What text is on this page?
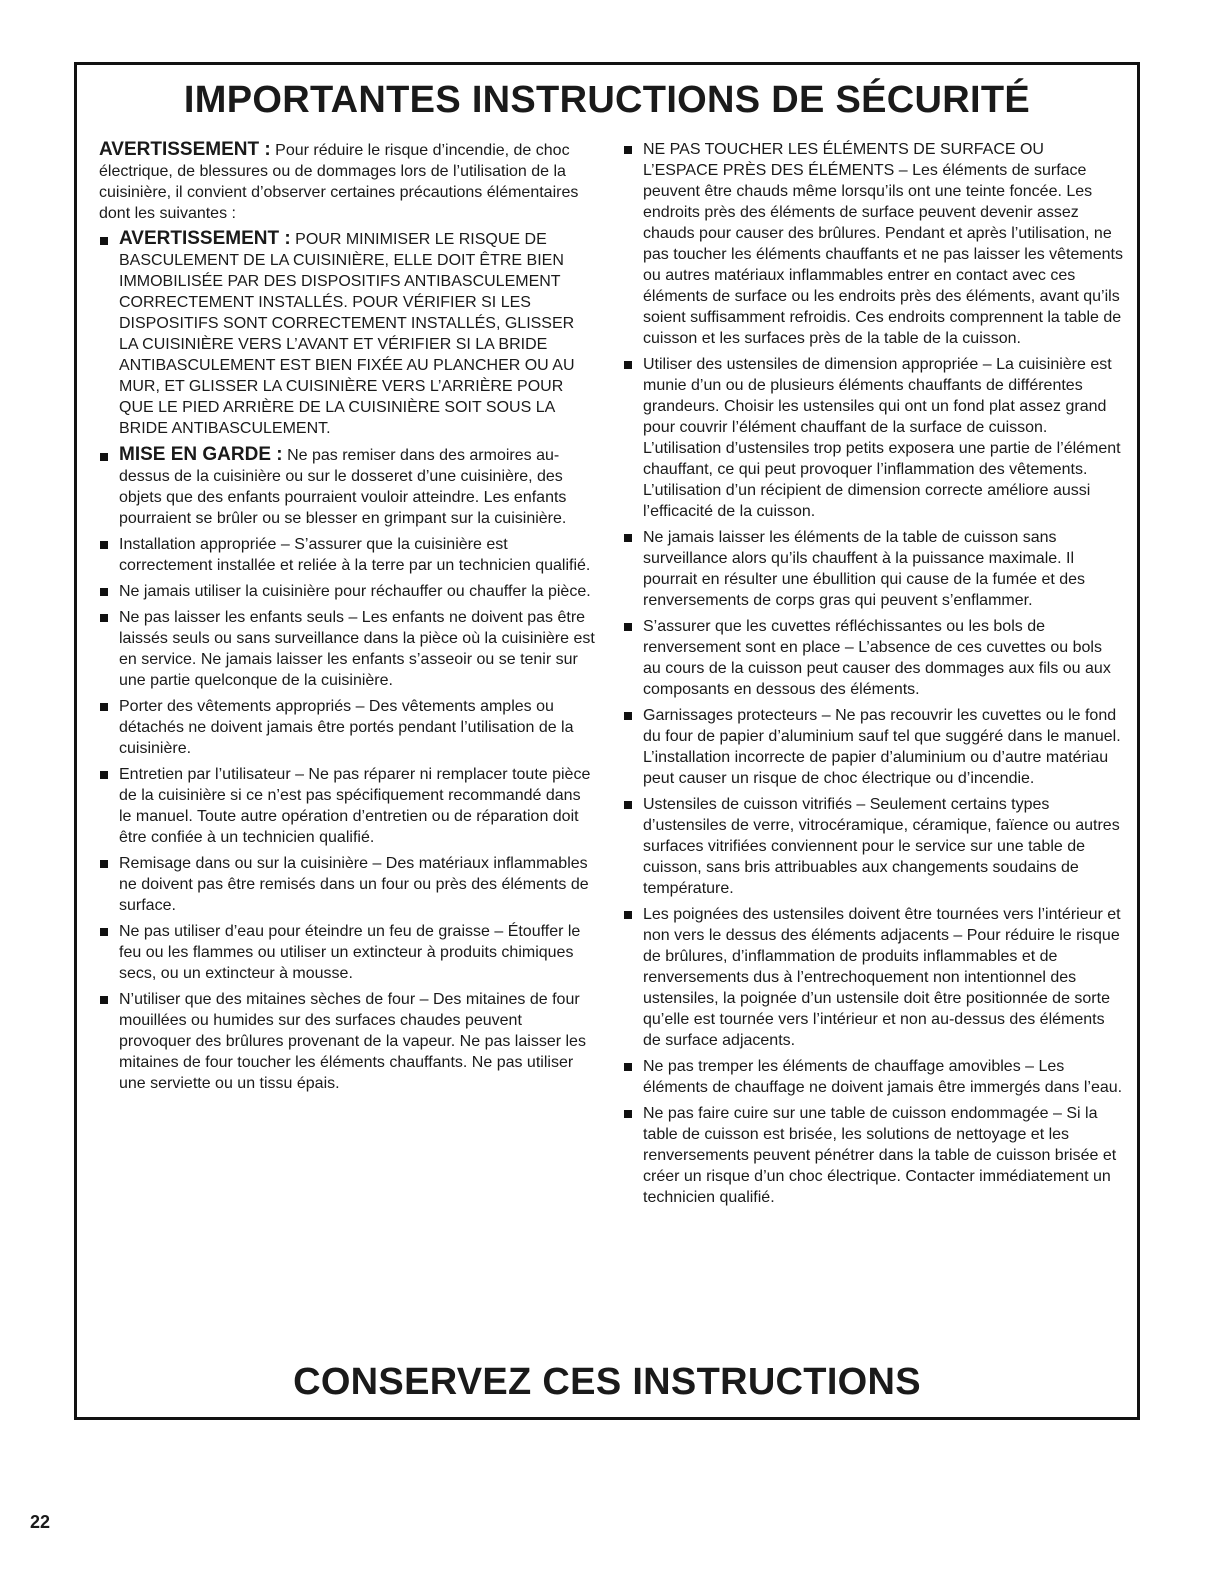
IMPORTANTES INSTRUCTIONS DE SÉCURITÉ

AVERTISSEMENT : Pour réduire le risque d’incendie, de choc électrique, de blessures ou de dommages lors de l’utilisation de la cuisinière, il convient d’observer certaines précautions élémentaires dont les suivantes :

AVERTISSEMENT : POUR MINIMISER LE RISQUE DE BASCULEMENT DE LA CUISINIÈRE, ELLE DOIT ÊTRE BIEN IMMOBILISÉE PAR DES DISPOSITIFS ANTIBASCULEMENT CORRECTEMENT INSTALLÉS. POUR VÉRIFIER SI LES DISPOSITIFS SONT CORRECTEMENT INSTALLÉS, GLISSER LA CUISINIÈRE VERS L’AVANT ET VÉRIFIER SI LA BRIDE ANTIBASCULEMENT EST BIEN FIXÉE AU PLANCHER OU AU MUR, ET GLISSER LA CUISINIÈRE VERS L’ARRIÈRE POUR QUE LE PIED ARRIÈRE DE LA CUISINIÈRE SOIT SOUS LA BRIDE ANTIBASCULEMENT.
MISE EN GARDE : Ne pas remiser dans des armoires au-dessus de la cuisinière ou sur le dosseret d’une cuisinière, des objets que des enfants pourraient vouloir atteindre. Les enfants pourraient se brûler ou se blesser en grimpant sur la cuisinière.
Installation appropriée – S’assurer que la cuisinière est correctement installée et reliée à la terre par un technicien qualifié.
Ne jamais utiliser la cuisinière pour réchauffer ou chauffer la pièce.
Ne pas laisser les enfants seuls – Les enfants ne doivent pas être laissés seuls ou sans surveillance dans la pièce où la cuisinière est en service. Ne jamais laisser les enfants s’asseoir ou se tenir sur une partie quelconque de la cuisinière.
Porter des vêtements appropriés – Des vêtements amples ou détachés ne doivent jamais être portés pendant l’utilisation de la cuisinière.
Entretien par l’utilisateur – Ne pas réparer ni remplacer toute pièce de la cuisinière si ce n’est pas spécifiquement recommandé dans le manuel. Toute autre opération d’entretien ou de réparation doit être confiée à un technicien qualifié.
Remisage dans ou sur la cuisinière – Des matériaux inflammables ne doivent pas être remisés dans un four ou près des éléments de surface.
Ne pas utiliser d’eau pour éteindre un feu de graisse – Étouffer le feu ou les flammes ou utiliser un extincteur à produits chimiques secs, ou un extincteur à mousse.
N’utiliser que des mitaines sèches de four – Des mitaines de four mouillées ou humides sur des surfaces chaudes peuvent provoquer des brûlures provenant de la vapeur. Ne pas laisser les mitaines de four toucher les éléments chauffants. Ne pas utiliser une serviette ou un tissu épais.
NE PAS TOUCHER LES ÉLÉMENTS DE SURFACE OU L’ESPACE PRÈS DES ÉLÉMENTS – Les éléments de surface peuvent être chauds même lorsqu’ils ont une teinte foncée. Les endroits près des éléments de surface peuvent devenir assez chauds pour causer des brûlures. Pendant et après l’utilisation, ne pas toucher les éléments chauffants et ne pas laisser les vêtements ou autres matériaux inflammables entrer en contact avec ces éléments de surface ou les endroits près des éléments, avant qu’ils soient suffisamment refroidis. Ces endroits comprennent la table de cuisson et les surfaces près de la table de la cuisson.
Utiliser des ustensiles de dimension appropriée – La cuisinière est munie d’un ou de plusieurs éléments chauffants de différentes grandeurs. Choisir les ustensiles qui ont un fond plat assez grand pour couvrir l’élément chauffant de la surface de cuisson. L’utilisation d’ustensiles trop petits exposera une partie de l’élément chauffant, ce qui peut provoquer l’inflammation des vêtements. L’utilisation d’un récipient de dimension correcte améliore aussi l’efficacité de la cuisson.
Ne jamais laisser les éléments de la table de cuisson sans surveillance alors qu’ils chauffent à la puissance maximale. Il pourrait en résulter une ébullition qui cause de la fumée et des renversements de corps gras qui peuvent s’enflammer.
S’assurer que les cuvettes réfléchissantes ou les bols de renversement sont en place – L’absence de ces cuvettes ou bols au cours de la cuisson peut causer des dommages aux fils ou aux composants en dessous des éléments.
Garnissages protecteurs – Ne pas recouvrir les cuvettes ou le fond du four de papier d’aluminium sauf tel que suggéré dans le manuel. L’installation incorrecte de papier d’aluminium ou d’autre matériau peut causer un risque de choc électrique ou d’incendie.
Ustensiles de cuisson vitrifiés – Seulement certains types d’ustensiles de verre, vitrocéramique, céramique, faïence ou autres surfaces vitrifiées conviennent pour le service sur une table de cuisson, sans bris attribuables aux changements soudains de température.
Les poignées des ustensiles doivent être tournées vers l’intérieur et non vers le dessus des éléments adjacents – Pour réduire le risque de brûlures, d’inflammation de produits inflammables et de renversements dus à l’entrechoquement non intentionnel des ustensiles, la poignée d’un ustensile doit être positionnée de sorte qu’elle est tournée vers l’intérieur et non au-dessus des éléments de surface adjacents.
Ne pas tremper les éléments de chauffage amovibles – Les éléments de chauffage ne doivent jamais être immergés dans l’eau.
Ne pas faire cuire sur une table de cuisson endommagée – Si la table de cuisson est brisée, les solutions de nettoyage et les renversements peuvent pénétrer dans la table de cuisson brisée et créer un risque d’un choc électrique. Contacter immédiatement un technicien qualifié.
CONSERVEZ CES INSTRUCTIONS
22
